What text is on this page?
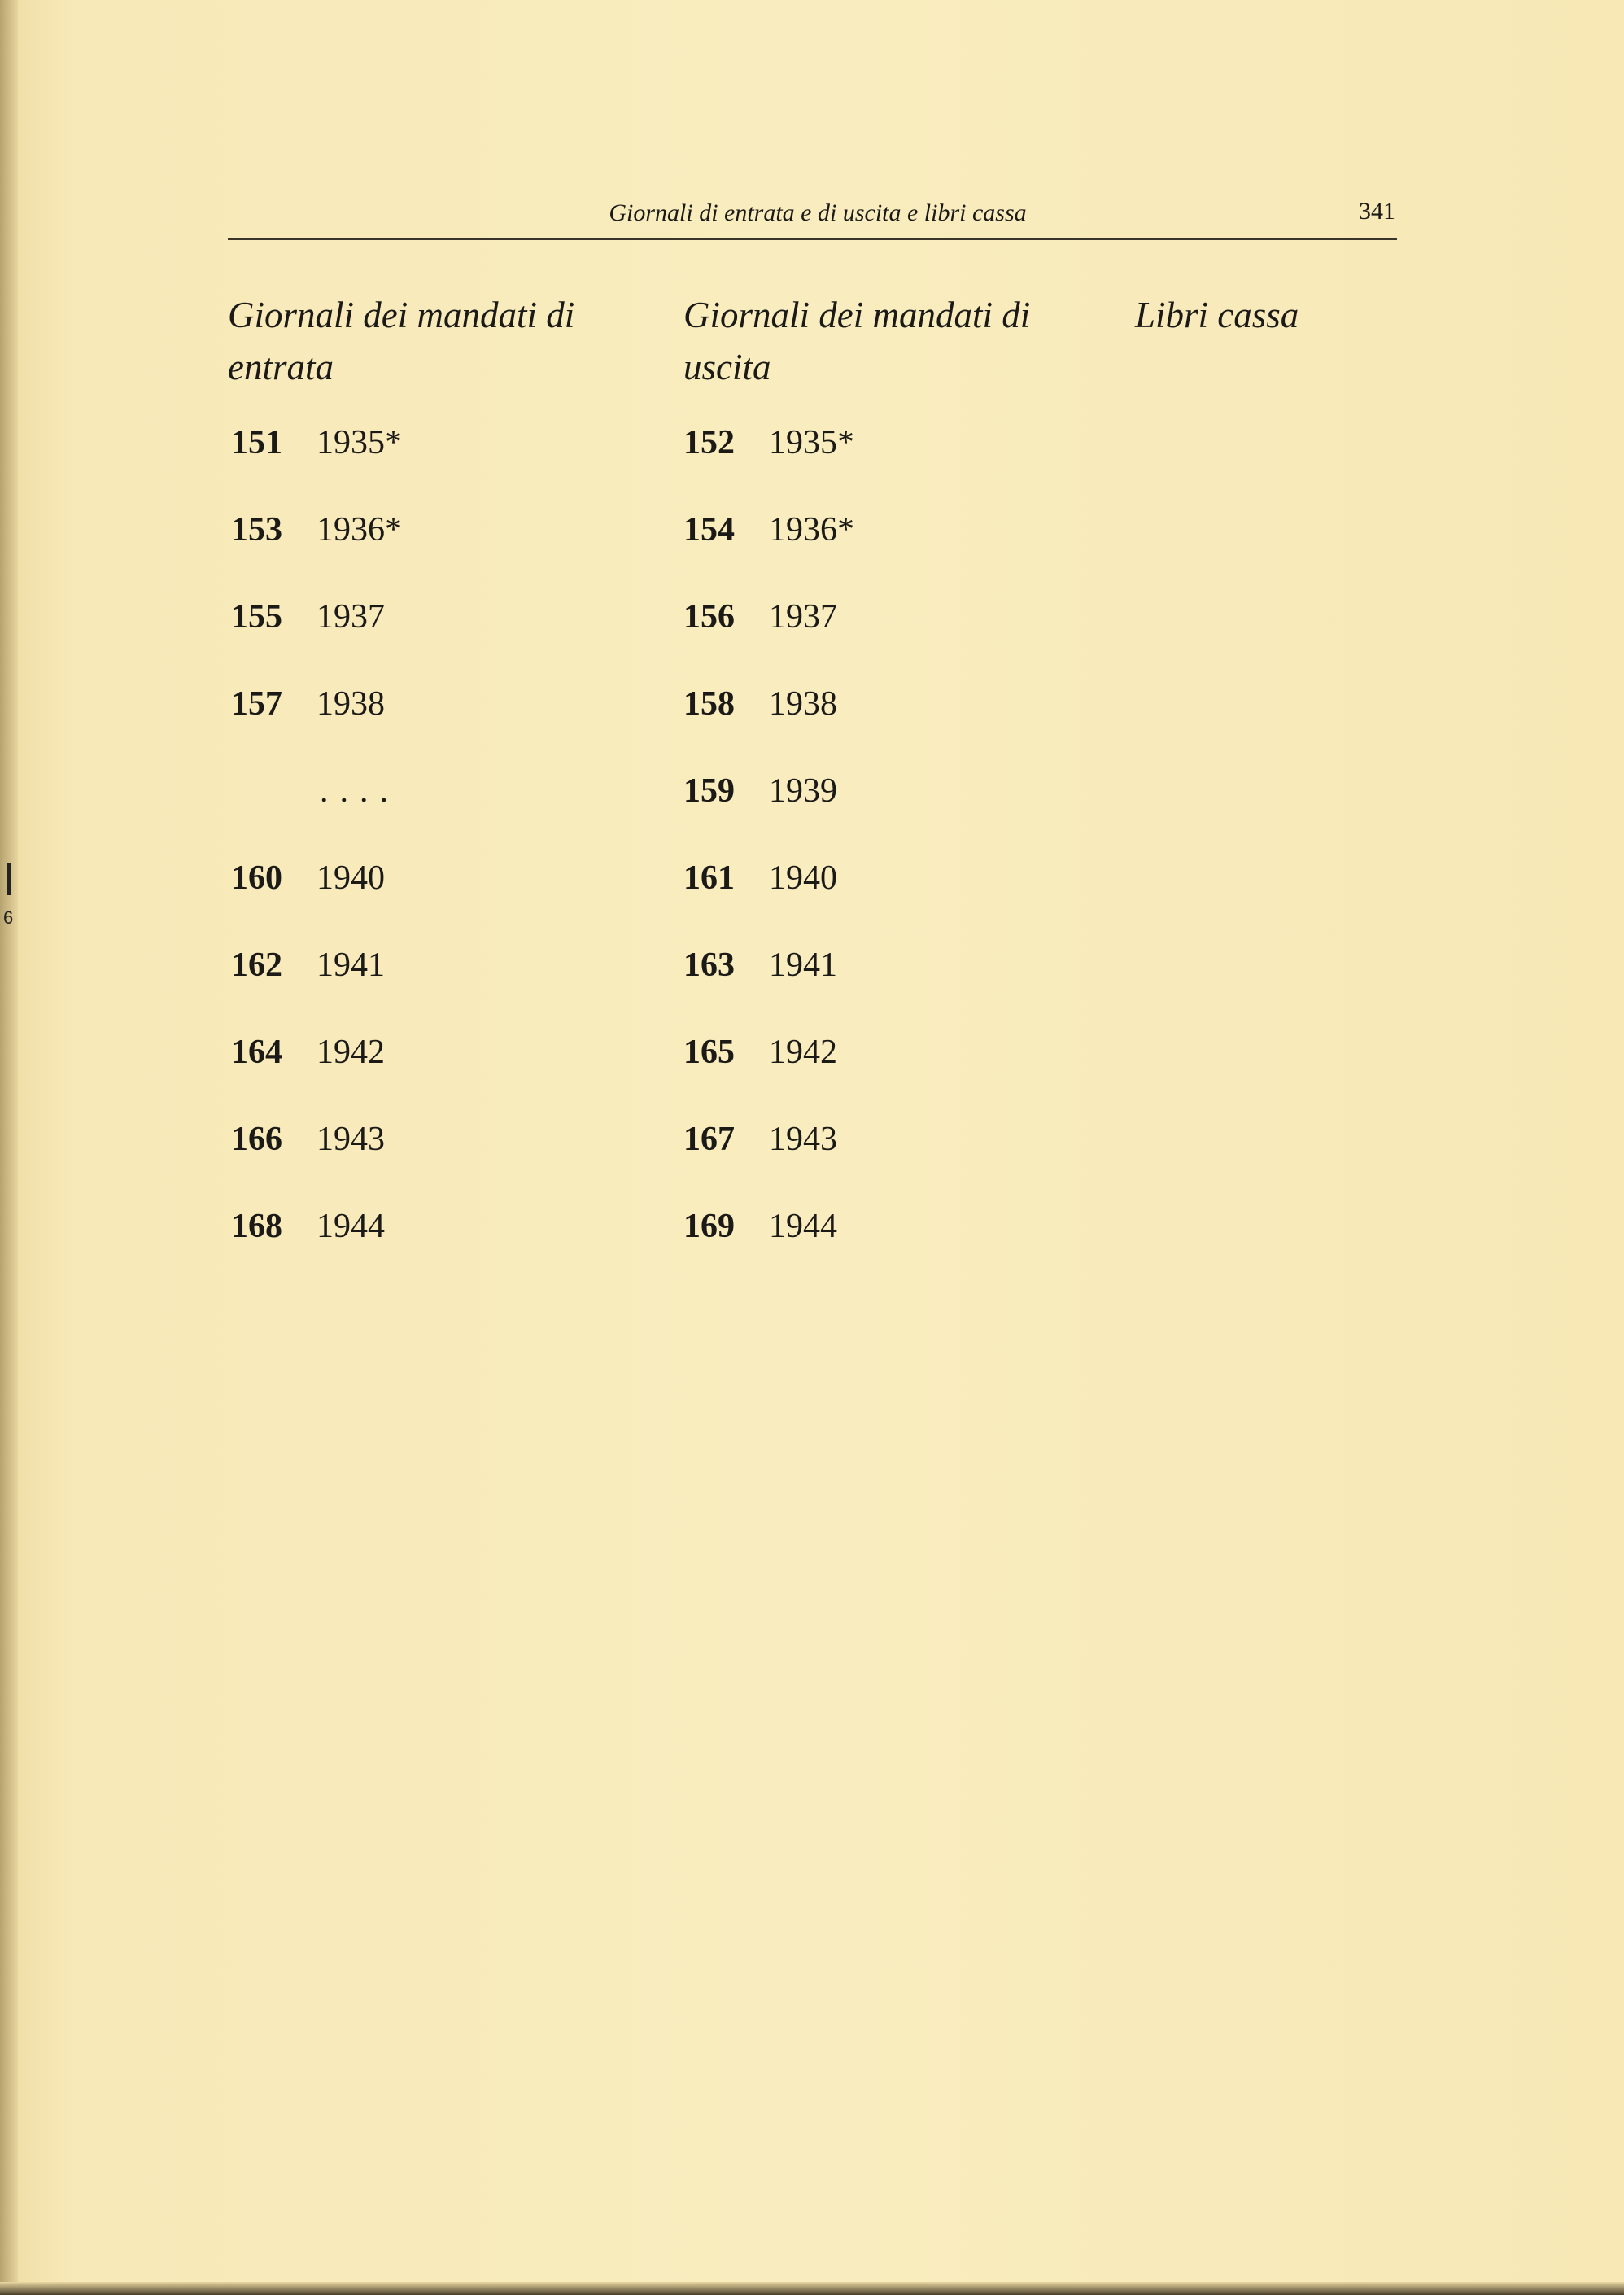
6
Giornali di entrata e di uscita e libri cassa	341
Giornali dei mandati di entrata
Giornali dei mandati di uscita
Libri cassa
151 1935*
153 1936*
155 1937
157 1938
....
160 1940
162 1941
164 1942
166 1943
168 1944
152 1935*
154 1936*
156 1937
158 1938
159 1939
161 1940
163 1941
165 1942
167 1943
169 1944
